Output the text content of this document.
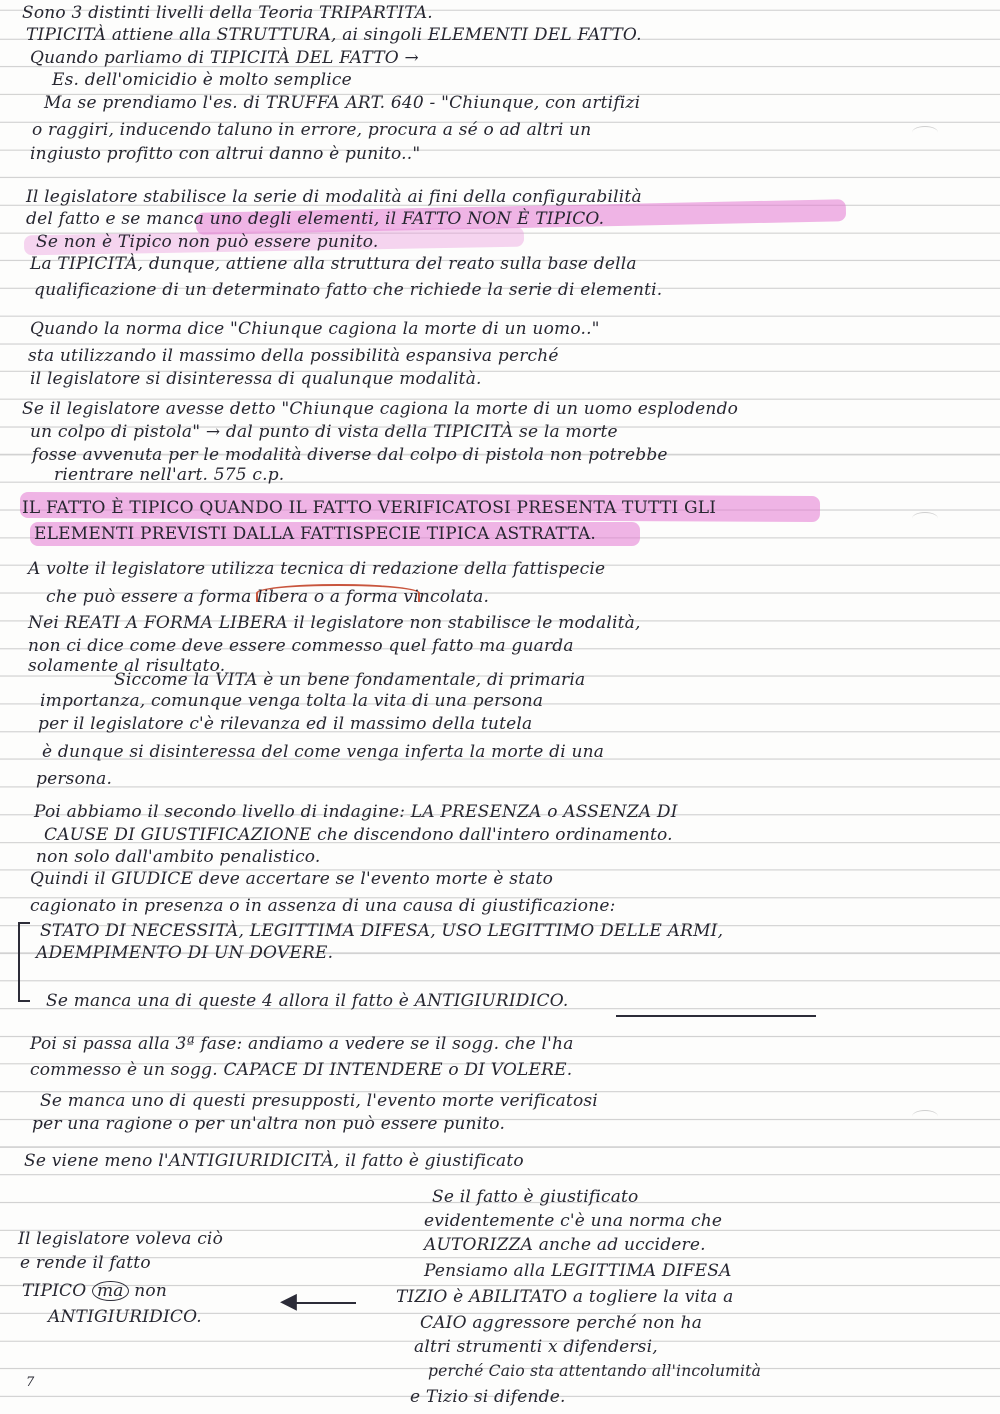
Sono 3 distinti livelli della Teoria TRIPARTITA.
TIPICITÀ attiene alla STRUTTURA, ai singoli ELEMENTI DEL FATTO.
Quando parliamo di TIPICITÀ DEL FATTO →
Es. dell'omicidio è molto semplice
Ma se prendiamo l'es. di TRUFFA ART. 640 - "Chiunque, con artifizi
o raggiri, inducendo taluno in errore, procura a sé o ad altri un
ingiusto profitto con altrui danno è punito.."
Il legislatore stabilisce la serie di modalità ai fini della configurabilità
del fatto e se manca uno degli elementi, il FATTO NON È TIPICO.
Se non è Tipico non può essere punito.
La TIPICITÀ, dunque, attiene alla struttura del reato sulla base della
qualificazione di un determinato fatto che richiede la serie di elementi.
Quando la norma dice "Chiunque cagiona la morte di un uomo.."
sta utilizzando il massimo della possibilità espansiva perché
il legislatore si disinteressa di qualunque modalità.
Se il legislatore avesse detto "Chiunque cagiona la morte di un uomo esplodendo
un colpo di pistola" → dal punto di vista della TIPICITÀ se la morte
fosse avvenuta per le modalità diverse dal colpo di pistola non potrebbe
rientrare nell'art. 575 c.p.
IL FATTO È TIPICO QUANDO IL FATTO VERIFICATOSI PRESENTA TUTTI GLI
ELEMENTI PREVISTI DALLA FATTISPECIE TIPICA ASTRATTA.
A volte il legislatore utilizza tecnica di redazione della fattispecie
che può essere a forma libera o a forma vincolata.
Nei REATI A FORMA LIBERA il legislatore non stabilisce le modalità,
non ci dice come deve essere commesso quel fatto ma guarda
solamente al risultato.
Siccome la VITA è un bene fondamentale, di primaria
importanza, comunque venga tolta la vita di una persona
per il legislatore c'è rilevanza ed il massimo della tutela
è dunque si disinteressa del come venga inferta la morte di una
persona.
Poi abbiamo il secondo livello di indagine: LA PRESENZA o ASSENZA DI
CAUSE DI GIUSTIFICAZIONE che discendono dall'intero ordinamento.
non solo dall'ambito penalistico.
Quindi il GIUDICE deve accertare se l'evento morte è stato
cagionato in presenza o in assenza di una causa di giustificazione:
STATO DI NECESSITÀ, LEGITTIMA DIFESA, USO LEGITTIMO DELLE ARMI,
ADEMPIMENTO DI UN DOVERE.
Se manca una di queste 4 allora il fatto è ANTIGIURIDICO.
Poi si passa alla 3ª fase: andiamo a vedere se il sogg. che l'ha
commesso è un sogg. CAPACE DI INTENDERE o DI VOLERE.
Se manca uno di questi presupposti, l'evento morte verificatosi
per una ragione o per un'altra non può essere punito.
Se viene meno l'ANTIGIURIDICITÀ, il fatto è giustificato
Se il fatto è giustificato
evidentemente c'è una norma che
AUTORIZZA anche ad uccidere.
Pensiamo alla LEGITTIMA DIFESA
TIZIO è ABILITATO a togliere la vita a
CAIO aggressore perché non ha
altri strumenti x difendersi,
perché Caio sta attentando all'incolumità
e Tizio si difende.
Il legislatore voleva ciò
e rende il fatto
TIPICO ma non
ANTIGIURIDICO.
◀
7
